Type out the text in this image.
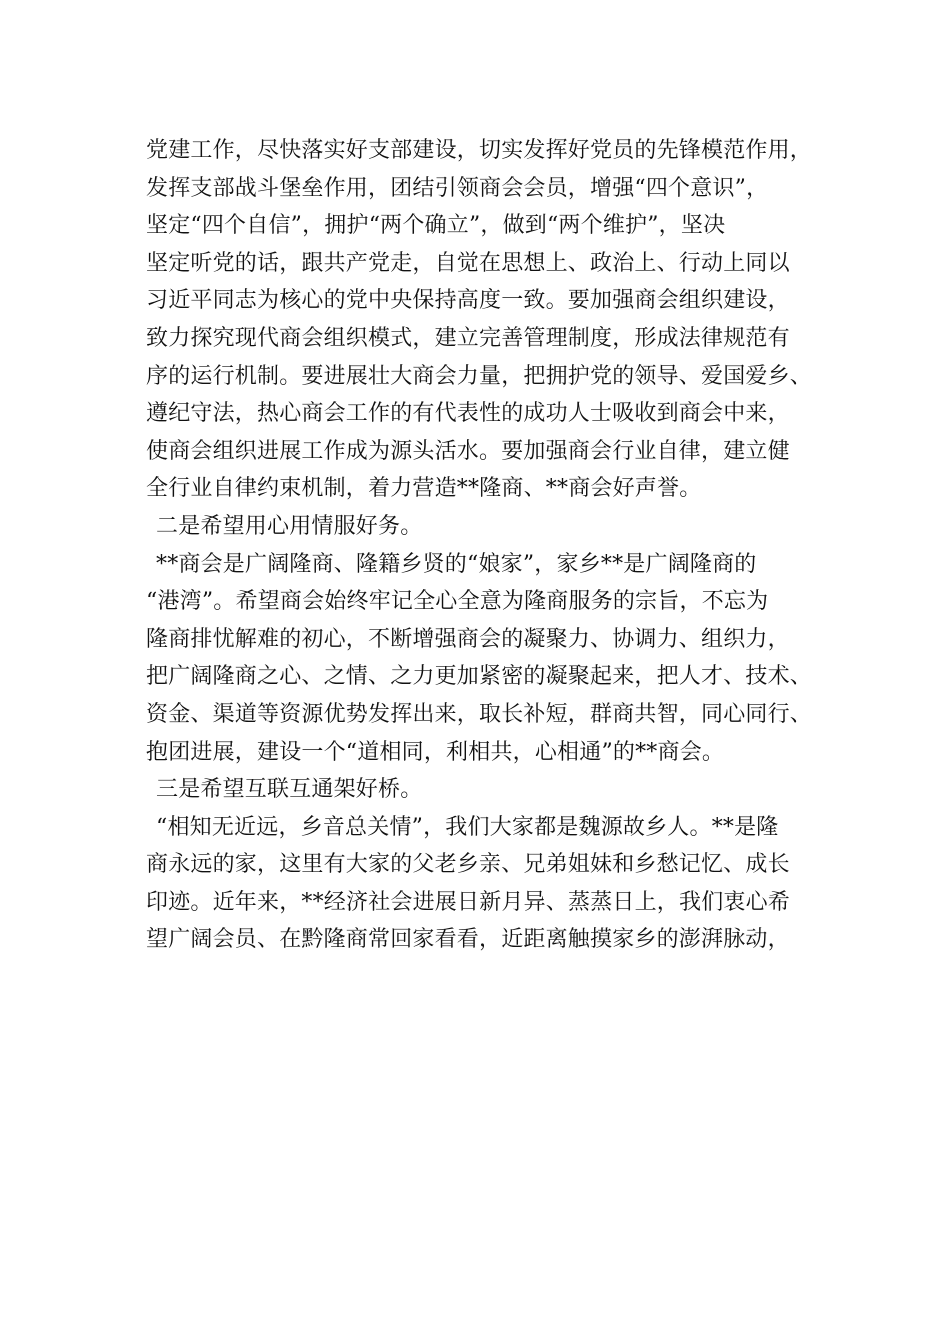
党建工作，尽快落实好支部建设，切实发挥好党员的先锋模范作用，
发挥支部战斗堡垒作用，团结引领商会会员，增强“四个意识”，
坚定“四个自信”，拥护“两个确立”，做到“两个维护”，坚决
坚定听党的话，跟共产党走，自觉在思想上、政治上、行动上同以
习近平同志为核心的党中央保持高度一致。要加强商会组织建设，
致力探究现代商会组织模式，建立完善管理制度，形成法律规范有
序的运行机制。要进展壮大商会力量，把拥护党的领导、爱国爱乡、
遵纪守法，热心商会工作的有代表性的成功人士吸收到商会中来，
使商会组织进展工作成为源头活水。要加强商会行业自律，建立健
全行业自律约束机制，着力营造**隆商、**商会好声誉。
二是希望用心用情服好务。
**商会是广阔隆商、隆籍乡贤的“娘家”，家乡**是广阔隆商的
“港湾”。希望商会始终牢记全心全意为隆商服务的宗旨，不忘为
隆商排忧解难的初心，不断增强商会的凝聚力、协调力、组织力，
把广阔隆商之心、之情、之力更加紧密的凝聚起来，把人才、技术、
资金、渠道等资源优势发挥出来，取长补短，群商共智，同心同行、
抱团进展，建设一个“道相同，利相共，心相通”的**商会。
三是希望互联互通架好桥。
“相知无近远，乡音总关情”，我们大家都是魏源故乡人。**是隆
商永远的家，这里有大家的父老乡亲、兄弟姐妹和乡愁记忆、成长
印迹。近年来，**经济社会进展日新月异、蒸蒸日上，我们衷心希
望广阔会员、在黔隆商常回家看看，近距离触摸家乡的澎湃脉动，
